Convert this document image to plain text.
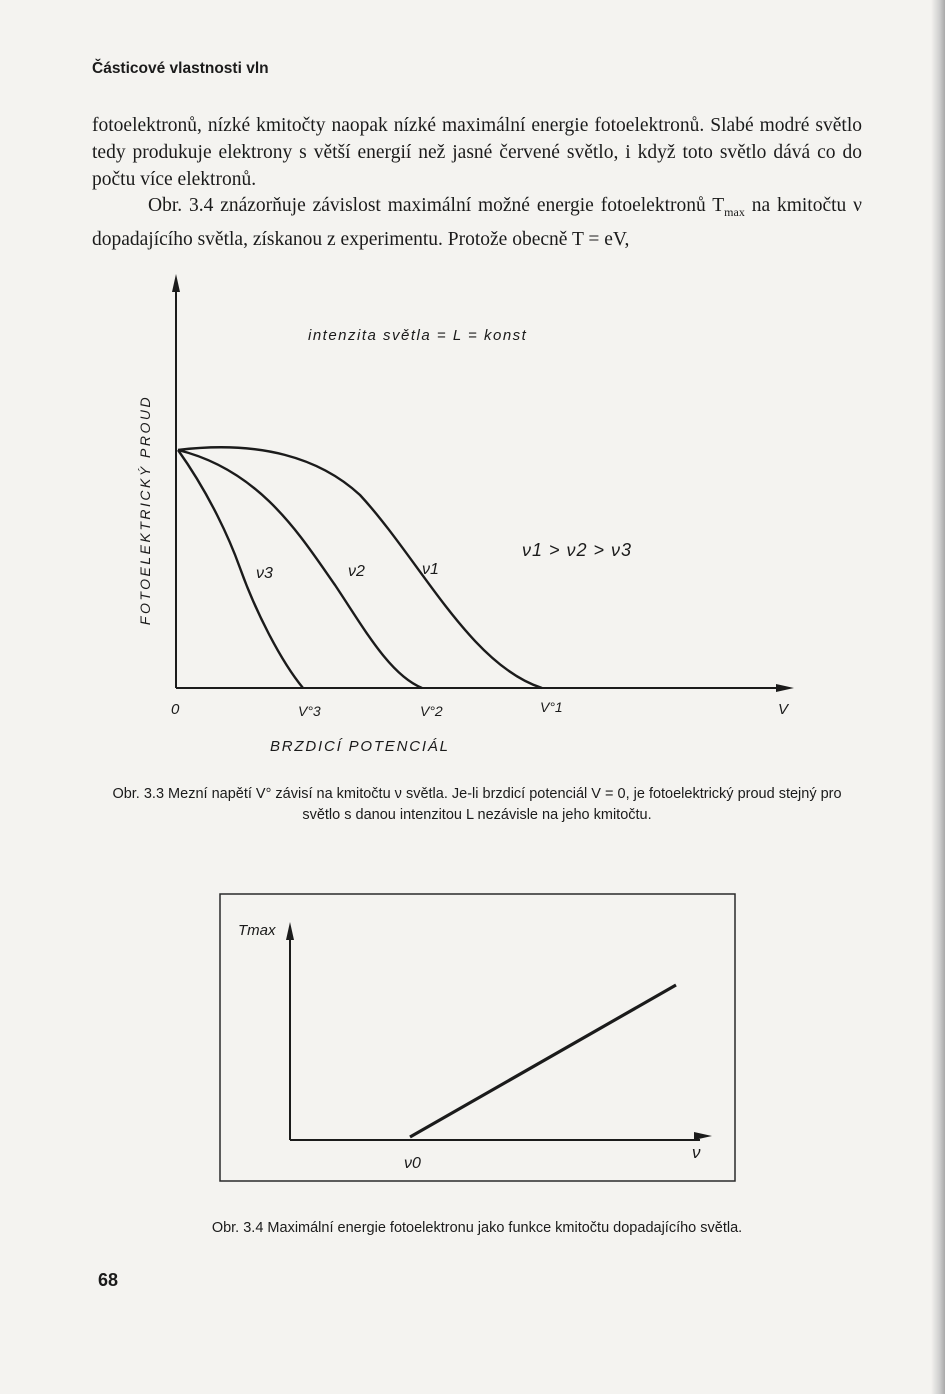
Částicové vlastnosti vln

fotoelektronů, nízké kmitočty naopak nízké maximální energie fotoelektronů. Slabé modré světlo tedy produkuje elektrony s větší energií než jasné červené světlo, i když toto světlo dává co do počtu více elektronů.

Obr. 3.4 znázorňuje závislost maximální možné energie fotoelektronů $T_{max}$ na kmitočtu ν dopadajícího světla, získanou z experimentu. Protože obecně T = eV,

FOTOELEKTRICKÝ PROUD
intenzita světla = L = konst
ν1 > ν2 > ν3
ν3	ν2	ν1
0	V°3	V°2	V°1	V
BRZDICÍ POTENCIÁL
Tmax
ν0
ν
Obr. 3.3 Mezní napětí V° závisí na kmitočtu ν světla. Je-li brzdicí potenciál V = 0, je fotoelektrický proud stejný pro světlo s danou intenzitou L nezávisle na jeho kmitočtu.
Obr. 3.4 Maximální energie fotoelektronu jako funkce kmitočtu dopadajícího světla.
68
